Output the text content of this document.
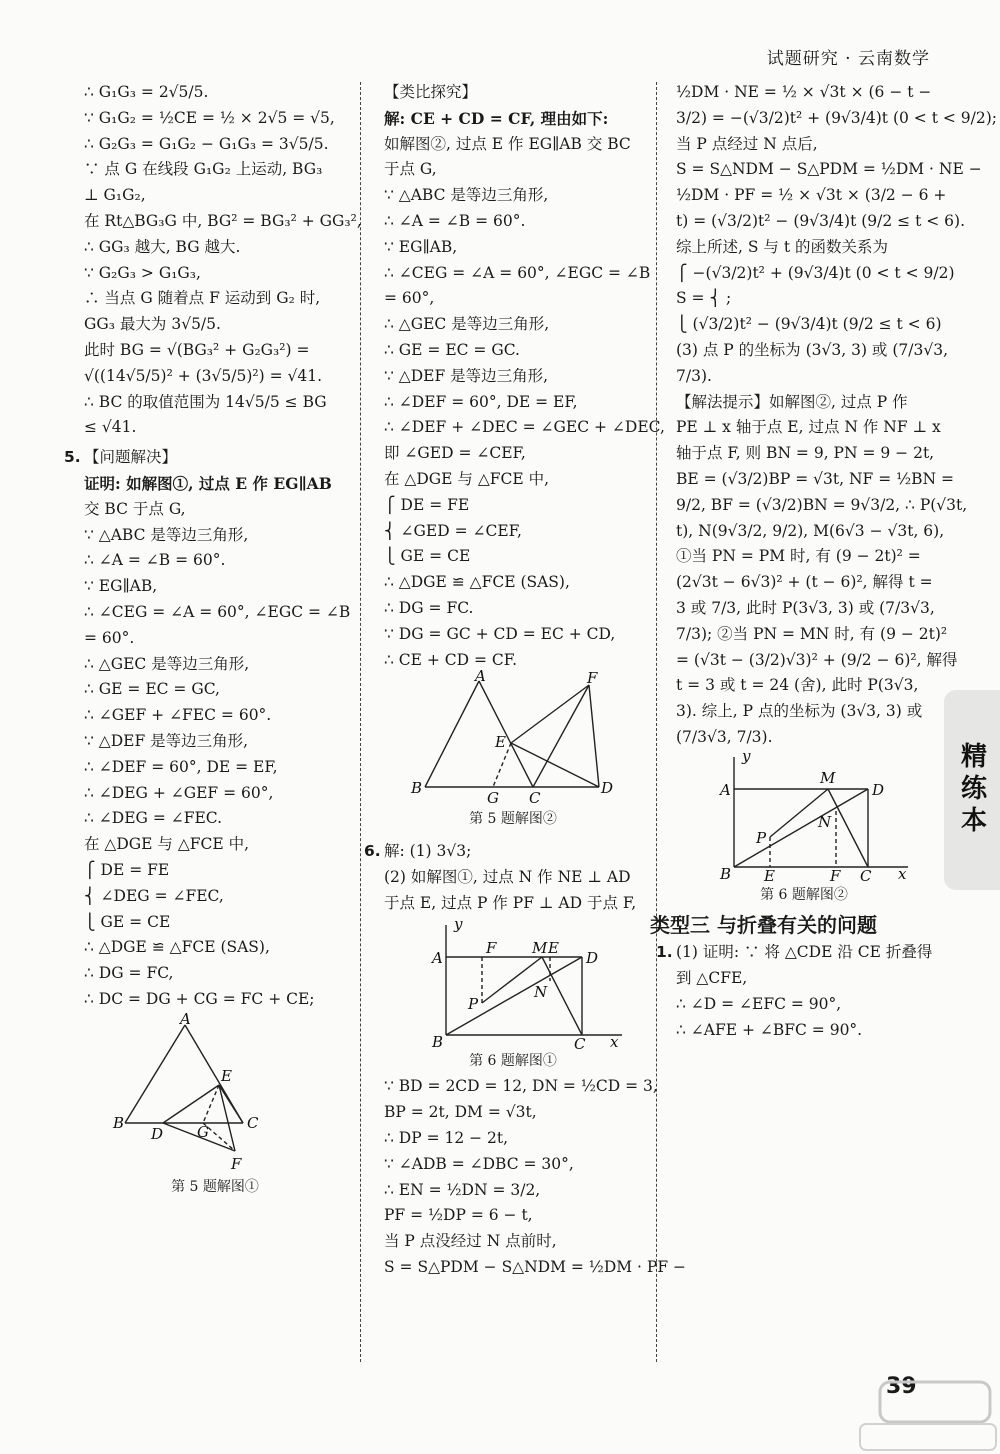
试题研究 · 云南数学
∴ G₁G₃ = 2√5/5.
∵ G₁G₂ = ½CE = ½ × 2√5 = √5,
∴ G₂G₃ = G₁G₂ − G₁G₃ = 3√5/5.
∵ 点 G 在线段 G₁G₂ 上运动, BG₃
⊥ G₁G₂,
在 Rt△BG₃G 中, BG² = BG₃² + GG₃²,
∴ GG₃ 越大, BG 越大.
∵ G₂G₃ > G₁G₃,
∴ 当点 G 随着点 F 运动到 G₂ 时,
GG₃ 最大为 3√5/5.
此时 BG = √(BG₃² + G₂G₃²) =
√((14√5/5)² + (3√5/5)²) = √41.
∴ BC 的取值范围为 14√5/5 ≤ BG
≤ √41.
5. 【问题解决】
证明: 如解图①, 过点 E 作 EG∥AB
交 BC 于点 G,
∵ △ABC 是等边三角形,
∴ ∠A = ∠B = 60°.
∵ EG∥AB,
∴ ∠CEG = ∠A = 60°, ∠EGC = ∠B
= 60°.
∴ △GEC 是等边三角形,
∴ GE = EC = GC,
∴ ∠GEF + ∠FEC = 60°.
∵ △DEF 是等边三角形,
∴ ∠DEF = 60°, DE = EF,
∴ ∠DEG + ∠GEF = 60°,
∴ ∠DEG = ∠FEC.
在 △DGE 与 △FCE 中,
⎧ DE = FE
⎨ ∠DEG = ∠FEC,
⎩ GE = CE
∴ △DGE ≌ △FCE (SAS),
∴ DG = FC,
∴ DC = DG + CG = FC + CE;
A
E
B
D G	C
F
第 5 题解图①
【类比探究】
解: CE + CD = CF, 理由如下:
如解图②, 过点 E 作 EG∥AB 交 BC
于点 G,
∵ △ABC 是等边三角形,
∴ ∠A = ∠B = 60°.
∵ EG∥AB,
∴ ∠CEG = ∠A = 60°, ∠EGC = ∠B
= 60°,
∴ △GEC 是等边三角形,
∴ GE = EC = GC.
∵ △DEF 是等边三角形,
∴ ∠DEF = 60°, DE = EF,
∴ ∠DEF + ∠DEC = ∠GEC + ∠DEC,
即 ∠GED = ∠CEF,
在 △DGE 与 △FCE 中,
⎧ DE = FE
⎨ ∠GED = ∠CEF,
⎩ GE = CE
∴ △DGE ≌ △FCE (SAS),
∴ DG = FC.
∵ DG = GC + CD = EC + CD,
∴ CE + CD = CF.
A	F
E
B
G C
D
第 5 题解图②
6. 解: (1) 3√3;
(2) 如解图①, 过点 N 作 NE ⊥ AD
于点 E, 过点 P 作 PF ⊥ AD 于点 F,
y
F M E
A	D
P
N
B	C x
第 6 题解图①
∵ BD = 2CD = 12, DN = ½CD = 3,
BP = 2t, DM = √3t,
∴ DP = 12 − 2t,
∵ ∠ADB = ∠DBC = 30°,
∴ EN = ½DN = 3/2,
PF = ½DP = 6 − t,
当 P 点没经过 N 点前时,
S = S△PDM − S△NDM = ½DM · PF −
½DM · NE = ½ × √3t × (6 − t −
3/2) = −(√3/2)t² + (9√3/4)t (0 < t < 9/2);
当 P 点经过 N 点后,
S = S△NDM − S△PDM = ½DM · NE −
½DM · PF = ½ × √3t × (3/2 − 6 +
t) = (√3/2)t² − (9√3/4)t (9/2 ≤ t < 6).
综上所述, S 与 t 的函数关系为
⎧ −(√3/2)t² + (9√3/4)t (0 < t < 9/2)
S = ⎨ ;
⎩ (√3/2)t² − (9√3/4)t (9/2 ≤ t < 6)
(3) 点 P 的坐标为 (3√3, 3) 或 (7/3√3,
7/3).
【解法提示】如解图②, 过点 P 作
PE ⊥ x 轴于点 E, 过点 N 作 NF ⊥ x
轴于点 F, 则 BN = 9, PN = 9 − 2t,
BE = (√3/2)BP = √3t, NF = ½BN =
9/2, BF = (√3/2)BN = 9√3/2, ∴ P(√3t,
t), N(9√3/2, 9/2), M(6√3 − √3t, 6),
①当 PN = PM 时, 有 (9 − 2t)² =
(2√3t − 6√3)² + (t − 6)², 解得 t =
3 或 7/3, 此时 P(3√3, 3) 或 (7/3√3,
7/3); ②当 PN = MN 时, 有 (9 − 2t)²
= (√3t − (3/2)√3)² + (9/2 − 6)², 解得
t = 3 或 t = 24 (舍), 此时 P(3√3,
3). 综上, P 点的坐标为 (3√3, 3) 或
(7/3√3, 7/3).
y
A
M
D
N
P
B E	F C x
第 6 题解图②
类型三 与折叠有关的问题
1. (1) 证明: ∵ 将 △CDE 沿 CE 折叠得
到 △CFE,
∴ ∠D = ∠EFC = 90°,
∴ ∠AFE + ∠BFC = 90°.
精练本
39
